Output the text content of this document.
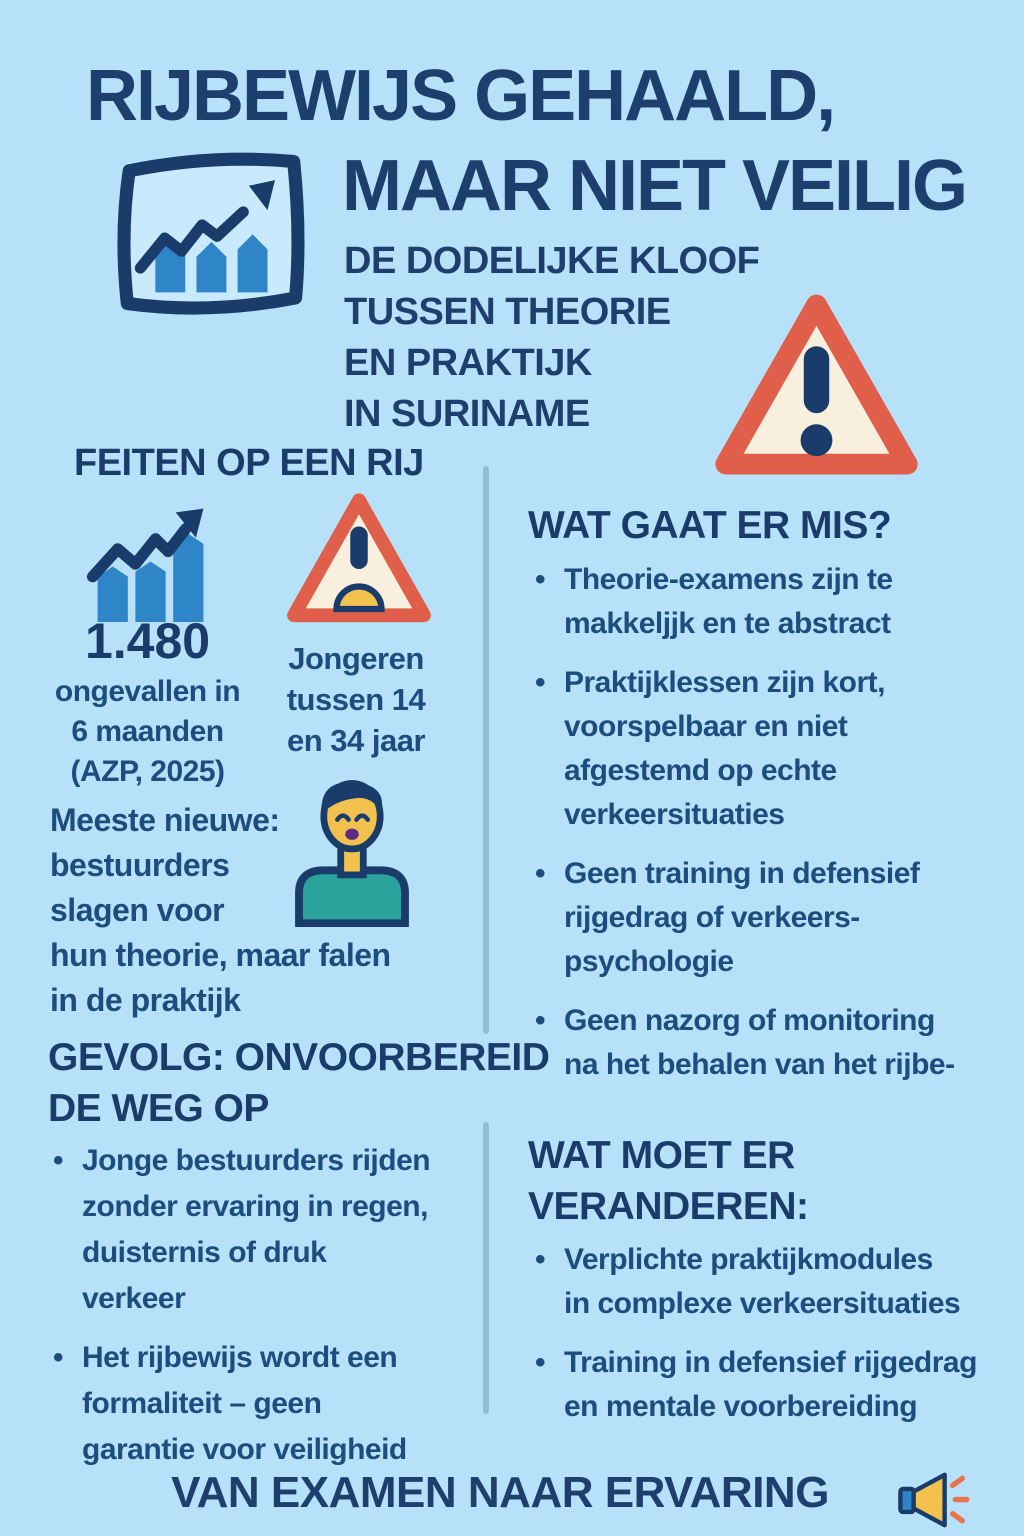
RIJBEWIJS GEHAALD,
MAAR NIET VEILIG
DE DODELIJKE KLOOF
TUSSEN THEORIE
EN PRAKTIJK
IN SURINAME
FEITEN OP EEN RIJ
1.480
ongevallen in
6 maanden
(AZP, 2025)
Jongeren
tussen 14
en 34 jaar
Meeste nieuwe:
bestuurders
slagen voor
hun theorie, maar falen
in de praktijk
WAT GAAT ER MIS?
• Theorie-examens zijn te
makkeljjk en te abstract
• Praktijklessen zijn kort,
voorspelbaar en niet
afgestemd op echte
verkeersituaties
• Geen training in defensief
rijgedrag of verkeers-
psychologie
• Geen nazorg of monitoring
na het behalen van het rijbe-
GEVOLG: ONVOORBEREID
DE WEG OP
• Jonge bestuurders rijden
zonder ervaring in regen,
duisternis of druk
verkeer
• Het rijbewijs wordt een
formaliteit – geen
garantie voor veiligheid
WAT MOET ER
VERANDEREN:
• Verplichte praktijkmodules
in complexe verkeersituaties
• Training in defensief rijgedrag
en mentale voorbereiding
VAN EXAMEN NAAR ERVARING
